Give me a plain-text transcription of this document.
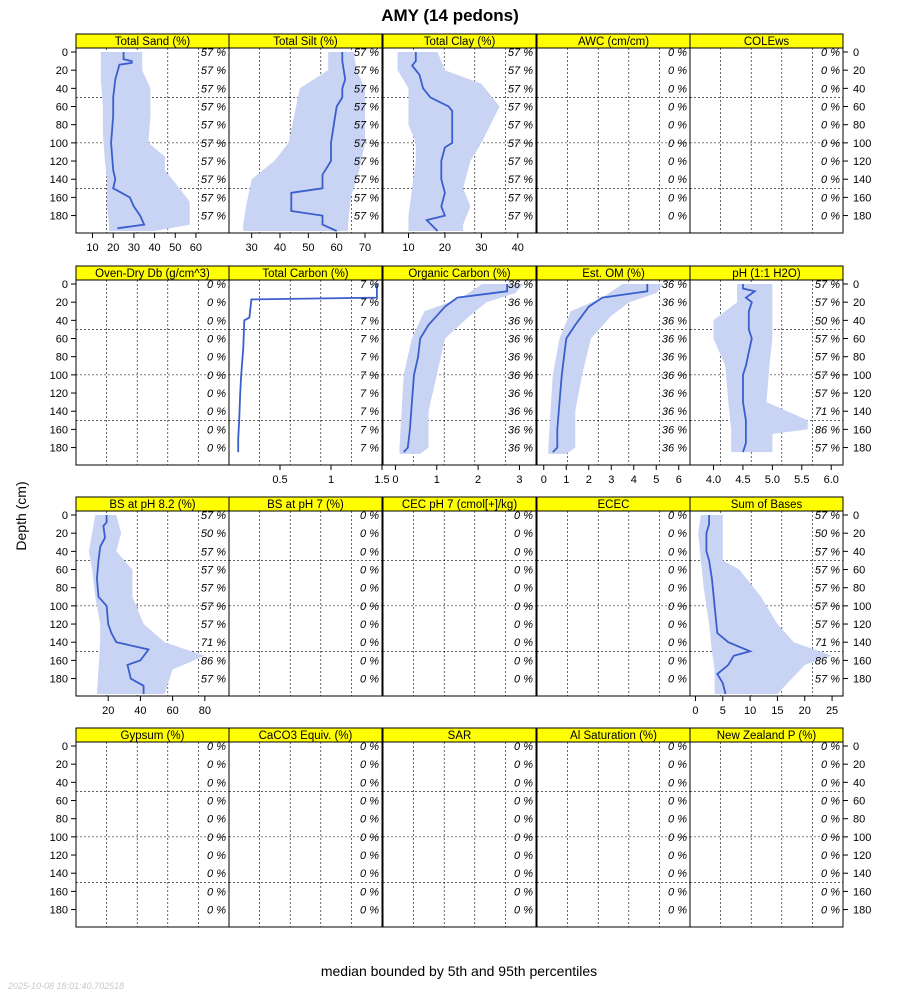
AMY (14 pedons)
Depth (cm)
median bounded by 5th and 95th percentiles
2025-10-08 18:01:40.702518
Total Sand (%)
57 %
57 %
57 %
57 %
57 %
57 %
57 %
57 %
57 %
57 %
10 20 30 40 50 60
0
20
40
60
80
100
120
140
160
180
Total Silt (%)
57 %
57 %
57 %
57 %
57 %
57 %
57 %
57 %
57 %
57 %
30 40 50 60 70
Total Clay (%)
57 %
57 %
57 %
57 %
57 %
57 %
57 %
57 %
57 %
57 %
10 20 30 40
AWC (cm/cm)
0 %
0 %
0 %
0 %
0 %
0 %
0 %
0 %
0 %
0 %
COLEws
0 %
0 %
0 %
0 %
0 %
0 %
0 %
0 %
0 %
0 %
0
20
40
60
80
100
120
140
160
180
Oven-Dry Db (g/cm^3)
0 %
0 %
0 %
0 %
0 %
0 %
0 %
0 %
0 %
0 %
0
20
40
60
80
100
120
140
160
180
Total Carbon (%)
7 %
7 %
7 %
7 %
7 %
7 %
7 %
7 %
7 %
7 %
0.5	1	1.5
Organic Carbon (%)
36 %
36 %
36 %
36 %
36 %
36 %
36 %
36 %
36 %
36 %
0	1	2	3
Est. OM (%)
36 %
36 %
36 %
36 %
36 %
36 %
36 %
36 %
36 %
36 %
0 1 2 3 4 5 6
pH (1:1 H2O)
57 %
57 %
50 %
57 %
57 %
57 %
57 %
71 %
86 %
57 %
4.0 4.5 5.0 5.5 6.0
0
20
40
60
80
100
120
140
160
180
BS at pH 8.2 (%)
57 %
50 %
57 %
57 %
57 %
57 %
57 %
71 %
86 %
57 %
20 40 60 80
0
20
40
60
80
100
120
140
160
180
BS at pH 7 (%)
0 %
0 %
0 %
0 %
0 %
0 %
0 %
0 %
0 %
0 %
CEC pH 7 (cmol[+]/kg)
0 %
0 %
0 %
0 %
0 %
0 %
0 %
0 %
0 %
0 %
ECEC
0 %
0 %
0 %
0 %
0 %
0 %
0 %
0 %
0 %
0 %
Sum of Bases
57 %
50 %
57 %
57 %
57 %
57 %
57 %
71 %
86 %
57 %
0 5 10 15 20 25
0
20
40
60
80
100
120
140
160
180
Gypsum (%)
0 %
0 %
0 %
0 %
0 %
0 %
0 %
0 %
0 %
0 %
0
20
40
60
80
100
120
140
160
180
CaCO3 Equiv. (%)
0 %
0 %
0 %
0 %
0 %
0 %
0 %
0 %
0 %
0 %
SAR
0 %
0 %
0 %
0 %
0 %
0 %
0 %
0 %
0 %
0 %
Al Saturation (%)
0 %
0 %
0 %
0 %
0 %
0 %
0 %
0 %
0 %
0 %
New Zealand P (%)
0 %
0 %
0 %
0 %
0 %
0 %
0 %
0 %
0 %
0 %
0
20
40
60
80
100
120
140
160
180
